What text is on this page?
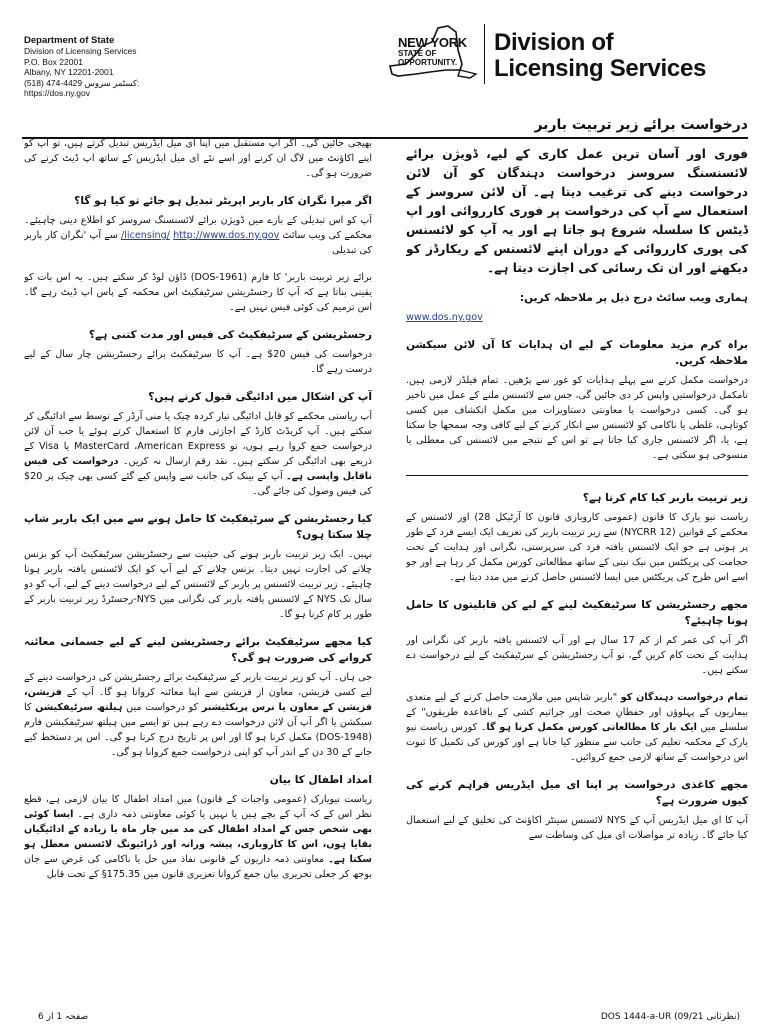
Department of State
Division of Licensing Services
P.O. Box 22001
Albany, NY 12201-2001
(518) 474-4429 کسٹمر سروس:
https://dos.ny.gov
NEW YORK
STATE OF
OPPORTUNITY.
Division of
Licensing Services
درخواست برائے زیر تربیت باربر

فوری اور آسان ترین عمل کاری کے لیے، ڈویژن برائے لائسنسنگ سروسز درخواست دہندگان کو آن لائن درخواست دینے کی ترغیب دیتا ہے۔ آن لائن سروسز کے استعمال سے آپ کی درخواست پر فوری کارروائی اور اپ ڈیٹس کا سلسلہ شروع ہو جاتا ہے اور یہ آپ کو لائسنس کی پوری کارروائی کے دوران اپنے لائسنس کے ریکارڈز کو دیکھنے اور ان تک رسائی کی اجازت دیتا ہے۔

ہماری ویب سائٹ درج ذیل پر ملاحظہ کریں:

www.dos.ny.gov

براہ کرم مزید معلومات کے لیے ان ہدایات کا آن لائن سیکشن ملاحظہ کریں.

درخواست مکمل کرنے سے پہلے ہدایات کو غور سے پڑھیں۔ تمام فیلڈز لازمی ہیں. نامکمل درخواستیں واپس کر دی جائیں گی، جس سے لائسنس ملنے کے عمل میں تاخیر ہو گی۔ کسی درخواست یا معاونتی دستاویزات میں مکمل انکشاف میں کسی کوتاہی، غلطی یا ناکامی کو لائسنس سے انکار کرنے کے لیے کافی وجہ سمجھا جا سکتا ہے، یا، اگر لائسنس جاری کیا جاتا ہے تو اس کے نتیجے میں لائسنس کی معطلی یا منسوخی ہو سکتی ہے۔

زیر تربیت باربر کیا کام کرتا ہے؟

ریاست نیو یارک کا قانون (عمومی کاروباری قانون کا آرٹیکل 28) اور لائسنس کے محکمے کے قوانین (NYCRR 12) سے زیر تربیت باربر کی تعریف ایک ایسے فرد کے طور پر ہوتی ہے جو ایک لائسنس یافتہ فرد کی سرپرستی، نگرانی اور ہدایت کے تحت حجامت کی پریکٹس میں نیک نیتی کے ساتھ مطالعاتی کورس مکمل کر رہا ہے اور جو اسے اس طرح کی پریکٹس میں ایسا لائسنس حاصل کرنے میں مدد دیتا ہے۔

مجھے رجسٹریشن کا سرٹیفکیٹ لینے کے لیے کن قابلیتوں کا حامل ہونا چاہیئے؟

اگر آپ کی عمر کم از کم 17 سال ہے اور آپ لائسنس یافتہ باربر کی نگرانی اور ہدایت کے تحت کام کریں گے، تو آپ رجسٹریشن کے سرٹیفکیٹ کے لیے درخواست دے سکتے ہیں۔

تمام درخواست دہندگان کو "باربر شاپس میں ملازمت حاصل کرنے کے لیے متعدی بیماریوں کے پہلوؤں اور حفظانِ صحت اور جراثیم کشی کے باقاعدہ طریقوں" کے سلسلے میں ایک بار کا مطالعاتی کورس مکمل کرنا ہو گا۔ کورس ریاست نیو یارک کے محکمہ تعلیم کی جانب سے منظور کیا جانا ہے اور کورس کی تکمیل کا ثبوت اس درخواست کے ساتھ لازمی جمع کروائیں۔

مجھے کاغذی درخواست پر اپنا ای میل ایڈریس فراہم کرنے کی کیوں ضرورت ہے؟

آپ کا ای میل ایڈریس آپ کے NYS لائسنس سینٹر اکاؤنٹ کی تخلیق کے لیے استعمال کیا جائے گا۔ زیادہ تر مواصلات ای میل کی وساطت سے

بھیجی جائیں گی۔ اگر آپ مستقبل میں اپنا ای میل ایڈریس تبدیل کرتے ہیں، تو آپ کو اپنے اکاؤنٹ میں لاگ ان کرنے اور اسے نئے ای میل ایڈریس کے ساتھ اپ ڈیٹ کرنے کی ضرورت ہو گی۔

اگر میرا نگران کار باربر اپریٹر تبدیل ہو جائے تو کیا ہو گا؟

آپ کو اس تبدیلی کے بارے میں ڈویژن برائے لائسنسنگ سروسز کو اطلاع دینی چاہیئے۔ محکمے کی ویب سائٹ http://www.dos.ny.gov /licensing/ سے آپ 'نگران کار باربر کی تبدیلی

برائے زیر تربیت باربر' کا فارم (DOS-1961) ڈاؤن لوڈ کر سکتے ہیں۔ یہ اس بات کو یقینی بناتا ہے کہ آپ کا رجسٹریشن سرٹیفکیٹ اس محکمہ کے پاس اپ ڈیٹ رہے گا۔ اس ترمیم کی کوئی فیس نہیں ہے۔

رجسٹریشن کے سرٹیفکیٹ کی فیس اور مدت کتنی ہے؟

درخواست کی فیس 20$ ہے۔ آپ کا سرٹیفکیٹ برائے رجسٹریشن چار سال کے لیے درست رہے گا۔

آپ کن اشکال میں ادائیگی قبول کرتے ہیں؟

آپ ریاستی محکمے کو قابل ادائیگی تیار کردہ چیک یا منی آرڈر کے توسط سے ادائیگی کر سکتے ہیں۔ آپ کریڈٹ کارڈ کے اجازتی فارم کا استعمال کرتے ہوئے یا جب آن لائن درخواست جمع کروا رہے ہوں، تو MasterCard ،American Express یا Visa کے ذریعے بھی ادائیگی کر سکتے ہیں۔ نقد رقم ارسال نہ کریں۔ درخواست کی فیس ناقابل واپسی ہے۔ آپ کے بینک کی جانب سے واپس کیے گئے کسی بھی چیک پر 20$ کی فیس وصول کی جائے گی۔

کیا رجسٹریشن کے سرٹیفکیٹ کا حامل ہونے سے میں ایک باربر شاپ چلا سکتا ہوں؟

نہیں۔ ایک زیر تربیت باربر ہونے کی حیثیت سے رجسٹریشن سرٹیفکیٹ آپ کو بزنس چلانے کی اجازت نہیں دیتا۔ بزنس چلانے کے لیے آپ کو ایک لائسنس یافتہ باربر ہونا چاہیئے۔ زیر تربیت لائسنس پر باربر کے لائسنس کے لیے درخواست دینے کے لیے، آپ کو دو سال تک NYS کے لائسنس یافتہ باربر کی نگرانی میں NYS-رجسٹرڈ زیر تربیت باربر کے طور پر کام کرنا ہو گا۔

کیا مجھے سرٹیفکیٹ برائے رجسٹریشن لینے کے لیے جسمانی معائنہ کروانے کی ضرورت ہو گی؟

جی ہاں۔ آپ کو زیر تربیت باربر کے سرٹیفکیٹ برائے رجسٹریشن کی درخواست دینے کے لیے کسی فزیشن، معاون از فزیشن سے اپنا معائنہ کروانا ہو گا۔ آپ کے فزیشن، فزیشن کے معاون یا نرس پریکٹیشنر کو درخواست میں ہیلتھ سرٹیفکیشن کا سیکشن یا اگر آپ آن لائن درخواست دے رہے ہیں تو ایسے میں ہیلتھ سرٹیفکیشن فارم (DOS-1948) مکمل کرنا ہو گا اور اس پر تاریخ درج کرنا ہو گی۔ اس پر دستخط کیے جانے کے 30 دن کے اندر آپ کو اپنی درخواست جمع کروانا ہو گی۔

امداد اطفال کا بیان

ریاست نیویارک (عمومی واجبات کے قانون) میں امداد اطفال کا بیان لازمی ہے، قطع نظر اس کے کہ آپ کے بچے ہیں یا نہیں یا کوئی معاونتی ذمہ داری ہے۔ ایسا کوئی بھی شخص جس کے امداد اطفال کی مد میں چار ماہ یا زیادہ کے ادائیگیاں بقایا ہوں، اس کا کاروباری، پیشہ ورانہ اور ڈرائیونگ لائسنس معطل ہو سکتا ہے۔ معاونتی ذمہ داریوں کے قانونی نفاذ میں حل یا ناکامی کی غرض سے جان بوجھ کر جعلی تحریری بیان جمع کروانا تعزیری قانون میں 175.35§ کے تحت قابل

صفحہ 1 از 6	DOS 1444-a-UR (نظرثانی 09/21)
